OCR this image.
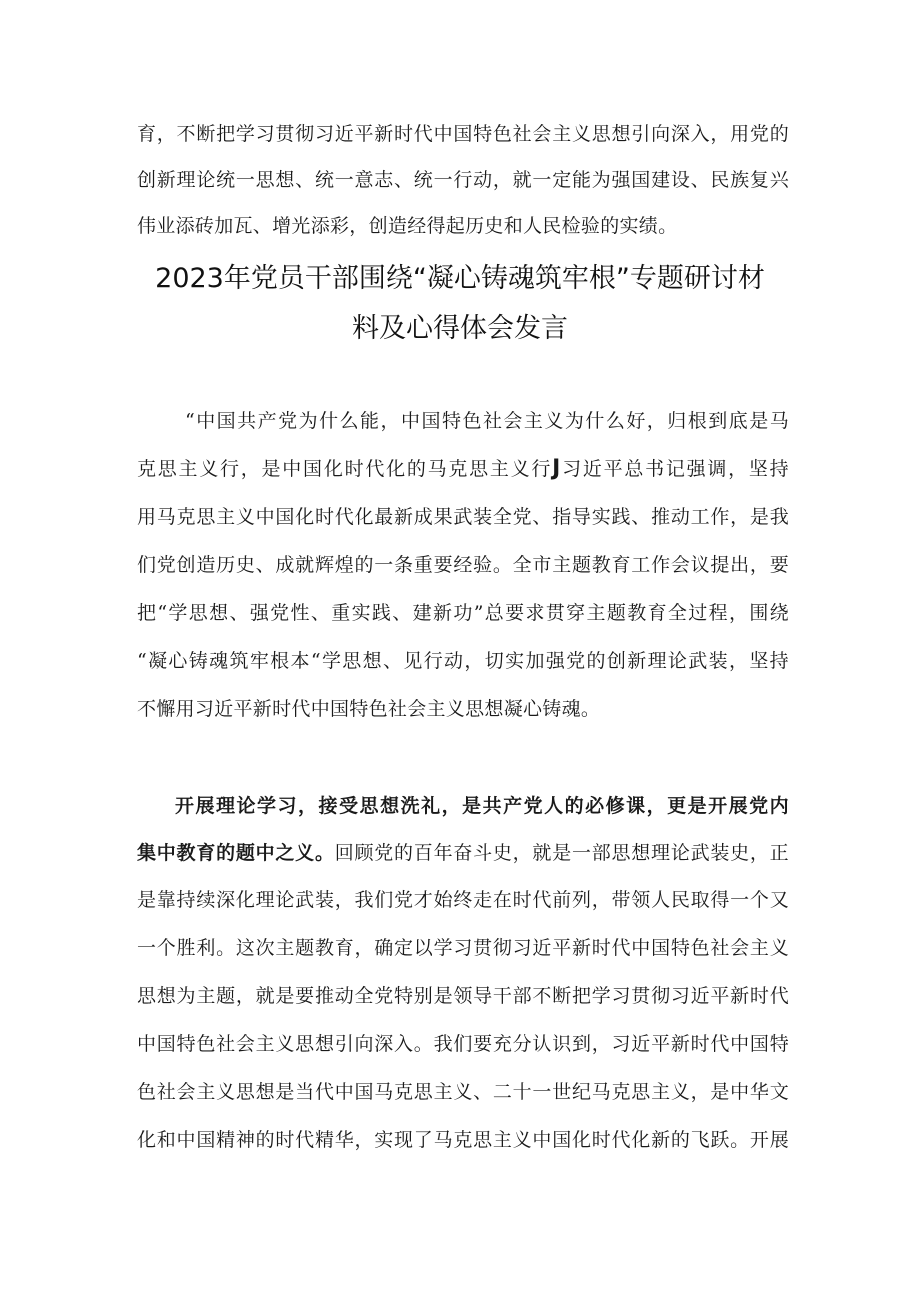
育，不断把学习贯彻习近平新时代中国特色社会主义思想引向深入，用党的
创新理论统一思想、统一意志、统一行动，就一定能为强国建设、民族复兴
伟业添砖加瓦、增光添彩，创造经得起历史和人民检验的实绩。
2023年党员干部围绕“凝心铸魂筑牢根”专题研讨材
料及心得体会发言
“中国共产党为什么能，中国特色社会主义为什么好，归根到底是马
克思主义行，是中国化时代化的马克思主义行J习近平总书记强调，坚持
用马克思主义中国化时代化最新成果武装全党、指导实践、推动工作，是我
们党创造历史、成就辉煌的一条重要经验。全市主题教育工作会议提出，要
把“学思想、强党性、重实践、建新功”总要求贯穿主题教育全过程，围绕
“凝心铸魂筑牢根本“学思想、见行动，切实加强党的创新理论武装，坚持
不懈用习近平新时代中国特色社会主义思想凝心铸魂。
开展理论学习，接受思想洗礼，是共产党人的必修课，更是开展党内
集中教育的题中之义。回顾党的百年奋斗史，就是一部思想理论武装史，正
是靠持续深化理论武装，我们党才始终走在时代前列，带领人民取得一个又
一个胜利。这次主题教育，确定以学习贯彻习近平新时代中国特色社会主义
思想为主题，就是要推动全党特别是领导干部不断把学习贯彻习近平新时代
中国特色社会主义思想引向深入。我们要充分认识到，习近平新时代中国特
色社会主义思想是当代中国马克思主义、二十一世纪马克思主义，是中华文
化和中国精神的时代精华，实现了马克思主义中国化时代化新的飞跃。开展
